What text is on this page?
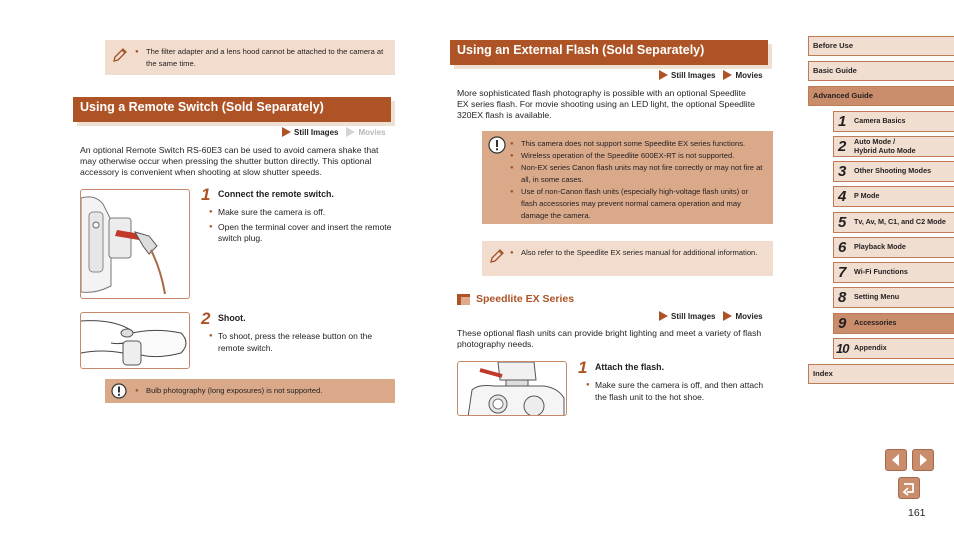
● The filter adapter and a lens hood cannot be attached to the camera at the same time.
Using a Remote Switch (Sold Separately)
Still Images	Movies
An optional Remote Switch RS-60E3 can be used to avoid camera shake that may otherwise occur when pressing the shutter button directly. This optional accessory is convenient when shooting at slow shutter speeds.
1 Connect the remote switch.
● Make sure the camera is off.
● Open the terminal cover and insert the remote switch plug.
2 Shoot.
● To shoot, press the release button on the remote switch.
● Bulb photography (long exposures) is not supported.
Using an External Flash (Sold Separately)
Still Images	Movies
More sophisticated flash photography is possible with an optional Speedlite EX series flash. For movie shooting using an LED light, the optional Speedlite 320EX flash is available.
● This camera does not support some Speedlite EX series functions.
● Wireless operation of the Speedlite 600EX-RT is not supported.
● Non-EX series Canon flash units may not fire correctly or may not fire at all, in some cases.
● Use of non-Canon flash units (especially high-voltage flash units) or flash accessories may prevent normal camera operation and may damage the camera.
● Also refer to the Speedlite EX series manual for additional information.
Speedlite EX Series
Still Images	Movies
These optional flash units can provide bright lighting and meet a variety of flash photography needs.
1 Attach the flash.
● Make sure the camera is off, and then attach the flash unit to the hot shoe.
Before Use
Basic Guide
Advanced Guide
1 Camera Basics
2 Auto Mode /
Hybrid Auto Mode
3 Other Shooting Modes
4 P Mode
5 Tv, Av, M, C1, and C2 Mode
6 Playback Mode
7 Wi-Fi Functions
8 Setting Menu
9 Accessories
10 Appendix
Index
161
